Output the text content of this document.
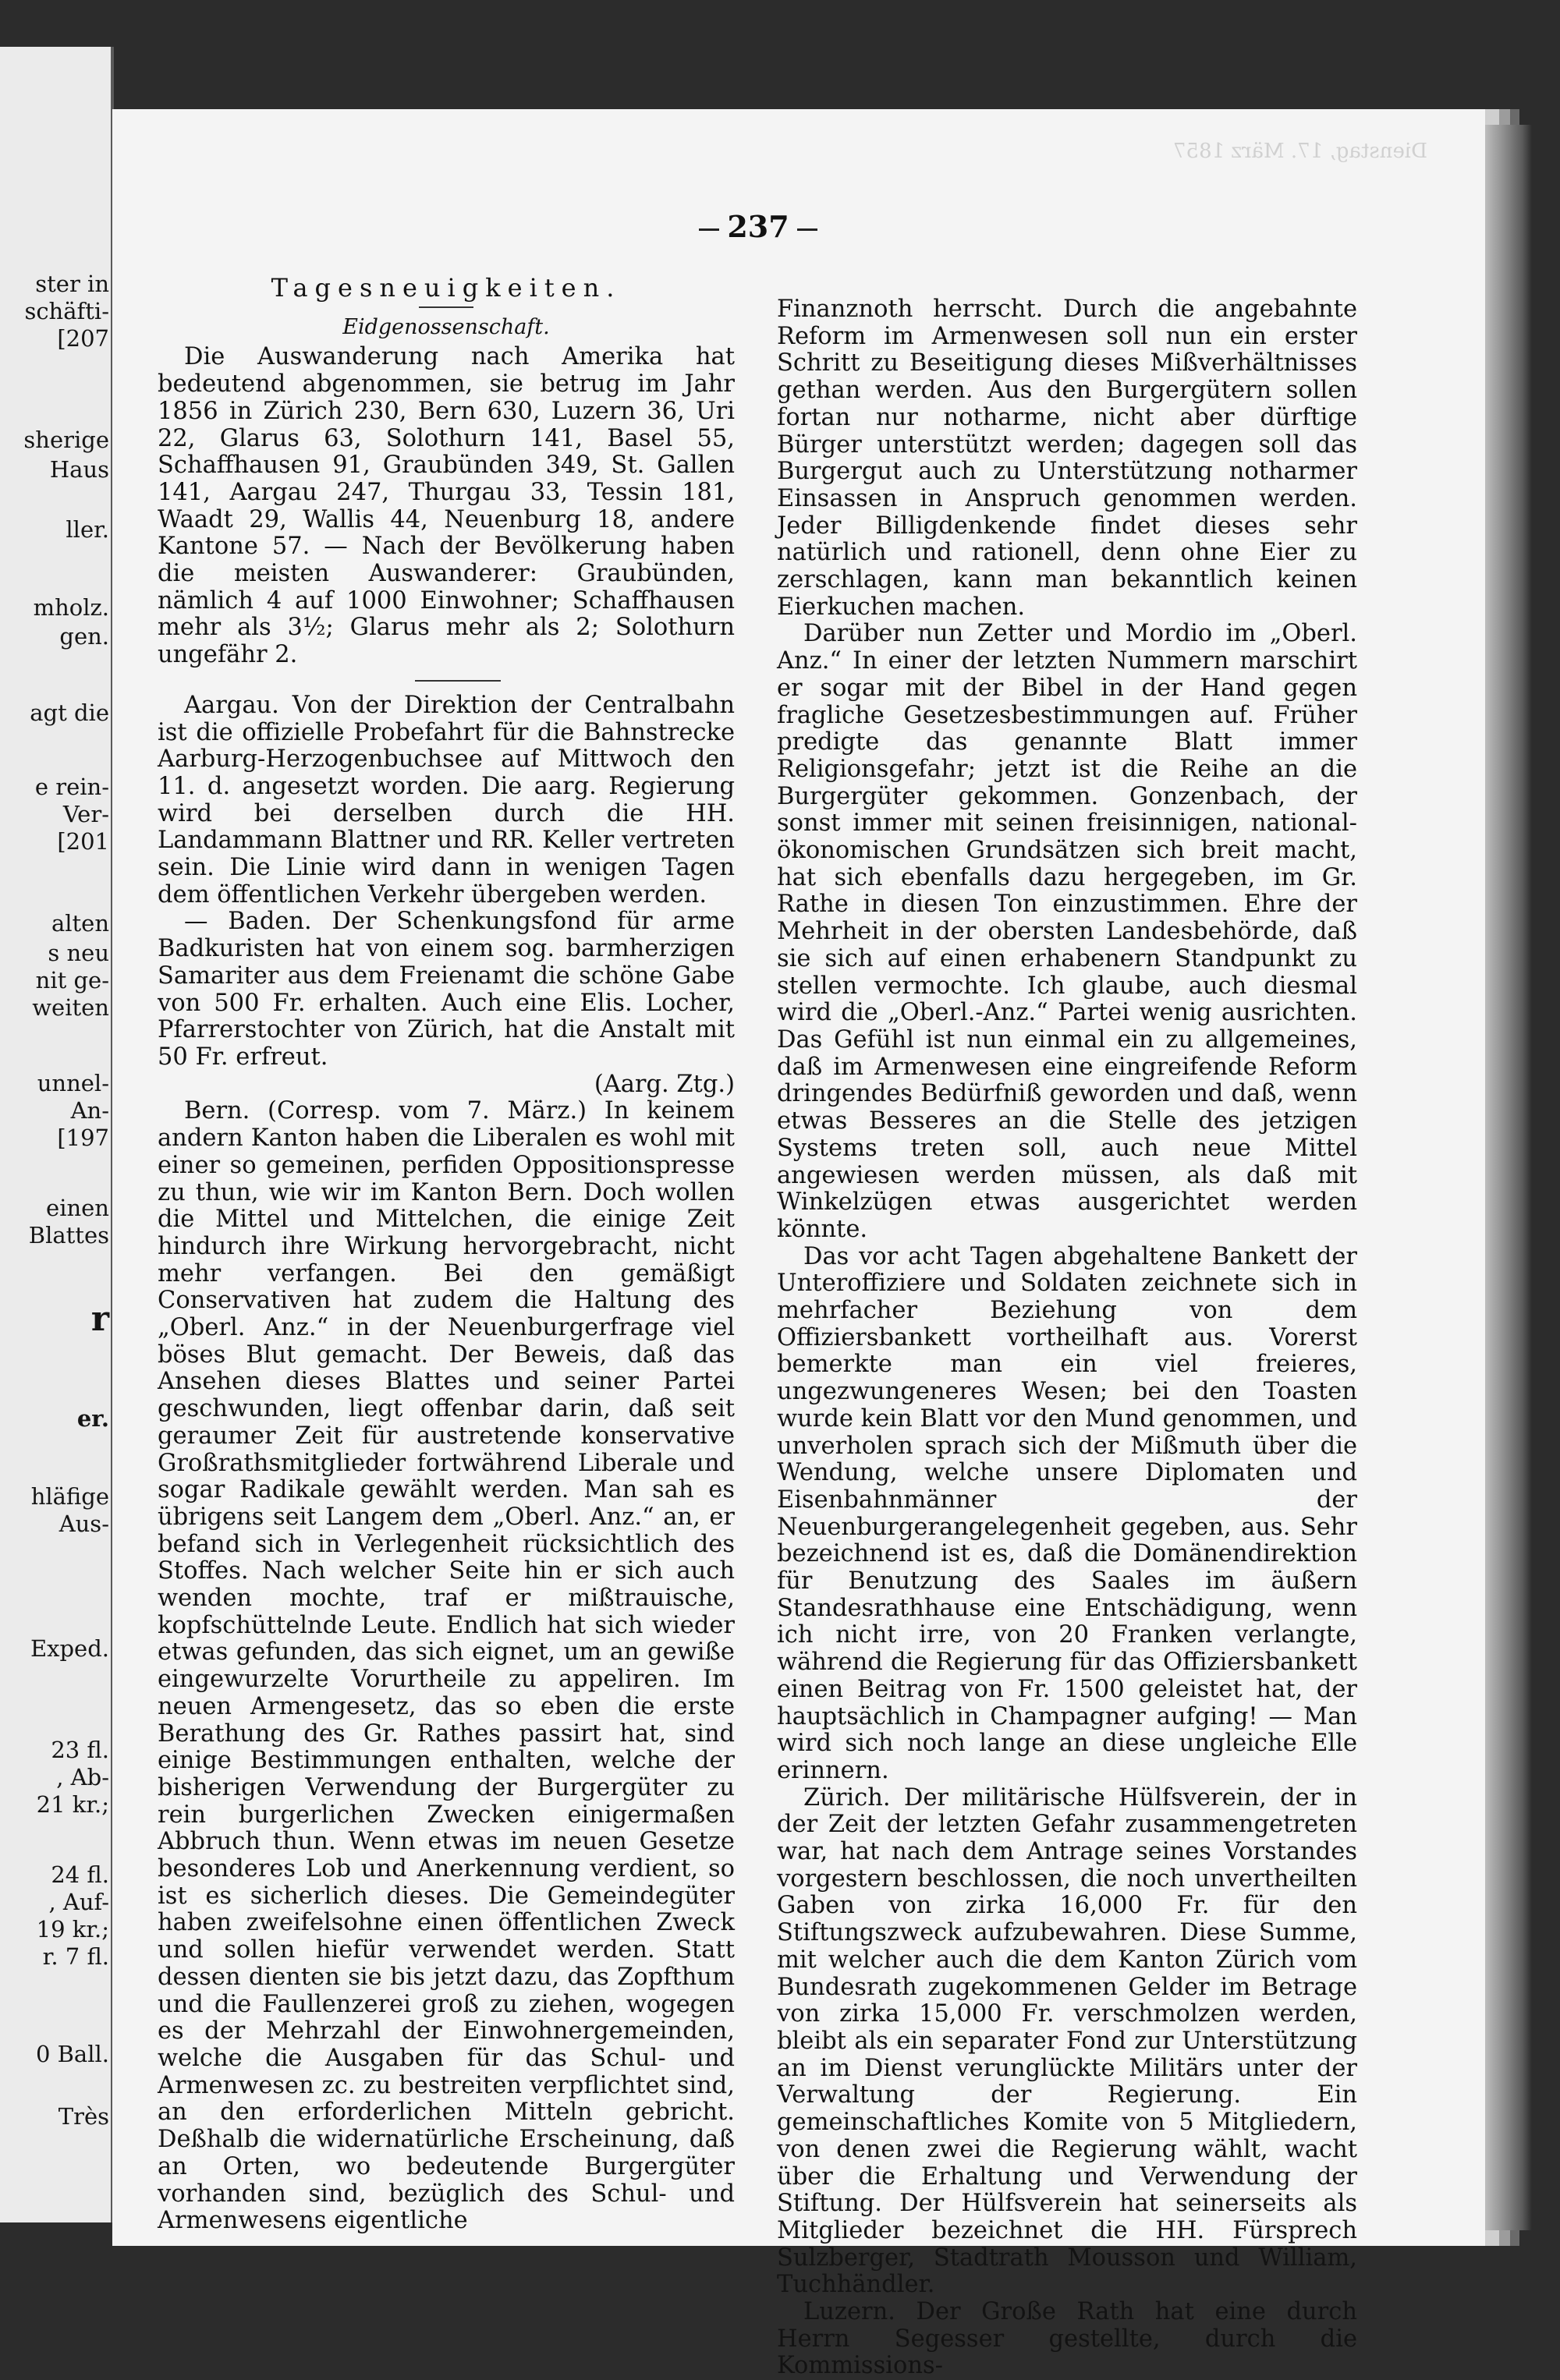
ster in
schäfti-
[207
sherige
Haus
ller.
mholz.
gen.
agt die
e rein-
Ver-
[201
alten
s neu
nit ge-
weiten
unnel-
An-
[197
einen
Blattes
r
er.
hläfige
Aus-
Exped.
23 fl.
, Ab-
21 kr.;
24 fl.
, Auf-
19 kr.;
r. 7 fl.
0 Ball.
Très
Dienstag, 17. März 1857
237
Tagesneuigkeiten.
Eidgenossenschaft.

Die Auswanderung nach Amerika hat bedeutend abgenommen, sie betrug im Jahr 1856 in Zürich 230, Bern 630, Luzern 36, Uri 22, Glarus 63, Solothurn 141, Basel 55, Schaffhausen 91, Graubünden 349, St. Gallen 141, Aargau 247, Thurgau 33, Tessin 181, Waadt 29, Wallis 44, Neuenburg 18, andere Kantone 57. — Nach der Bevölkerung haben die meisten Auswanderer: Graubünden, nämlich 4 auf 1000 Einwohner; Schaffhausen mehr als 3½; Glarus mehr als 2; Solothurn ungefähr 2.

Aargau. Von der Direktion der Centralbahn ist die offizielle Probefahrt für die Bahnstrecke Aarburg-Herzogenbuchsee auf Mittwoch den 11. d. angesetzt worden. Die aarg. Regierung wird bei derselben durch die HH. Landammann Blattner und RR. Keller vertreten sein. Die Linie wird dann in wenigen Tagen dem öffentlichen Verkehr übergeben werden.

— Baden. Der Schenkungsfond für arme Badkuristen hat von einem sog. barmherzigen Samariter aus dem Freienamt die schöne Gabe von 500 Fr. erhalten. Auch eine Elis. Locher, Pfarrerstochter von Zürich, hat die Anstalt mit 50 Fr. erfreut.

(Aarg. Ztg.)

Bern. (Corresp. vom 7. März.) In keinem andern Kanton haben die Liberalen es wohl mit einer so gemeinen, perfiden Oppositionspresse zu thun, wie wir im Kanton Bern. Doch wollen die Mittel und Mittelchen, die einige Zeit hindurch ihre Wirkung hervorgebracht, nicht mehr verfangen. Bei den gemäßigt Conservativen hat zudem die Haltung des „Oberl. Anz.“ in der Neuenburgerfrage viel böses Blut gemacht. Der Beweis, daß das Ansehen dieses Blattes und seiner Partei geschwunden, liegt offenbar darin, daß seit geraumer Zeit für austretende konservative Großrathsmitglieder fortwährend Liberale und sogar Radikale gewählt werden. Man sah es übrigens seit Langem dem „Oberl. Anz.“ an, er befand sich in Verlegenheit rücksichtlich des Stoffes. Nach welcher Seite hin er sich auch wenden mochte, traf er mißtrauische, kopfschüttelnde Leute. Endlich hat sich wieder etwas gefunden, das sich eignet, um an gewiße eingewurzelte Vorurtheile zu appeliren. Im neuen Armengesetz, das so eben die erste Berathung des Gr. Rathes passirt hat, sind einige Bestimmungen enthalten, welche der bisherigen Verwendung der Burgergüter zu rein burgerlichen Zwecken einigermaßen Abbruch thun. Wenn etwas im neuen Gesetze besonderes Lob und Anerkennung verdient, so ist es sicherlich dieses. Die Gemeindegüter haben zweifelsohne einen öffentlichen Zweck und sollen hiefür verwendet werden. Statt dessen dienten sie bis jetzt dazu, das Zopfthum und die Faullenzerei groß zu ziehen, wogegen es der Mehrzahl der Einwohnergemeinden, welche die Ausgaben für das Schul- und Armenwesen zc. zu bestreiten verpflichtet sind, an den erforderlichen Mitteln gebricht. Deßhalb die widernatürliche Erscheinung, daß an Orten, wo bedeutende Burgergüter vorhanden sind, bezüglich des Schul- und Armenwesens eigentliche

Finanznoth herrscht. Durch die angebahnte Reform im Armenwesen soll nun ein erster Schritt zu Beseitigung dieses Mißverhältnisses gethan werden. Aus den Burgergütern sollen fortan nur notharme, nicht aber dürftige Bürger unterstützt werden; dagegen soll das Burgergut auch zu Unterstützung notharmer Einsassen in Anspruch genommen werden. Jeder Billigdenkende findet dieses sehr natürlich und rationell, denn ohne Eier zu zerschlagen, kann man bekanntlich keinen Eierkuchen machen.

Darüber nun Zetter und Mordio im „Oberl. Anz.“ In einer der letzten Nummern marschirt er sogar mit der Bibel in der Hand gegen fragliche Gesetzesbestimmungen auf. Früher predigte das genannte Blatt immer Religionsgefahr; jetzt ist die Reihe an die Burgergüter gekommen. Gonzenbach, der sonst immer mit seinen freisinnigen, national-ökonomischen Grundsätzen sich breit macht, hat sich ebenfalls dazu hergegeben, im Gr. Rathe in diesen Ton einzustimmen. Ehre der Mehrheit in der obersten Landesbehörde, daß sie sich auf einen erhabenern Standpunkt zu stellen vermochte. Ich glaube, auch diesmal wird die „Oberl.-Anz.“ Partei wenig ausrichten. Das Gefühl ist nun einmal ein zu allgemeines, daß im Armenwesen eine eingreifende Reform dringendes Bedürfniß geworden und daß, wenn etwas Besseres an die Stelle des jetzigen Systems treten soll, auch neue Mittel angewiesen werden müssen, als daß mit Winkelzügen etwas ausgerichtet werden könnte.

Das vor acht Tagen abgehaltene Bankett der Unteroffiziere und Soldaten zeichnete sich in mehrfacher Beziehung von dem Offiziersbankett vortheilhaft aus. Vorerst bemerkte man ein viel freieres, ungezwungeneres Wesen; bei den Toasten wurde kein Blatt vor den Mund genommen, und unverholen sprach sich der Mißmuth über die Wendung, welche unsere Diplomaten und Eisenbahnmänner der Neuenburgerangelegenheit gegeben, aus. Sehr bezeichnend ist es, daß die Domänendirektion für Benutzung des Saales im äußern Standesrathhause eine Entschädigung, wenn ich nicht irre, von 20 Franken verlangte, während die Regierung für das Offiziersbankett einen Beitrag von Fr. 1500 geleistet hat, der hauptsächlich in Champagner aufging! — Man wird sich noch lange an diese ungleiche Elle erinnern.

Zürich. Der militärische Hülfsverein, der in der Zeit der letzten Gefahr zusammengetreten war, hat nach dem Antrage seines Vorstandes vorgestern beschlossen, die noch unvertheilten Gaben von zirka 16,000 Fr. für den Stiftungszweck aufzubewahren. Diese Summe, mit welcher auch die dem Kanton Zürich vom Bundesrath zugekommenen Gelder im Betrage von zirka 15,000 Fr. verschmolzen werden, bleibt als ein separater Fond zur Unterstützung an im Dienst verunglückte Militärs unter der Verwaltung der Regierung. Ein gemeinschaftliches Komite von 5 Mitgliedern, von denen zwei die Regierung wählt, wacht über die Erhaltung und Verwendung der Stiftung. Der Hülfsverein hat seinerseits als Mitglieder bezeichnet die HH. Fürsprech Sulzberger, Stadtrath Mousson und William, Tuchhändler.

Luzern. Der Große Rath hat eine durch Herrn Segesser gestellte, durch die Kommissions-
